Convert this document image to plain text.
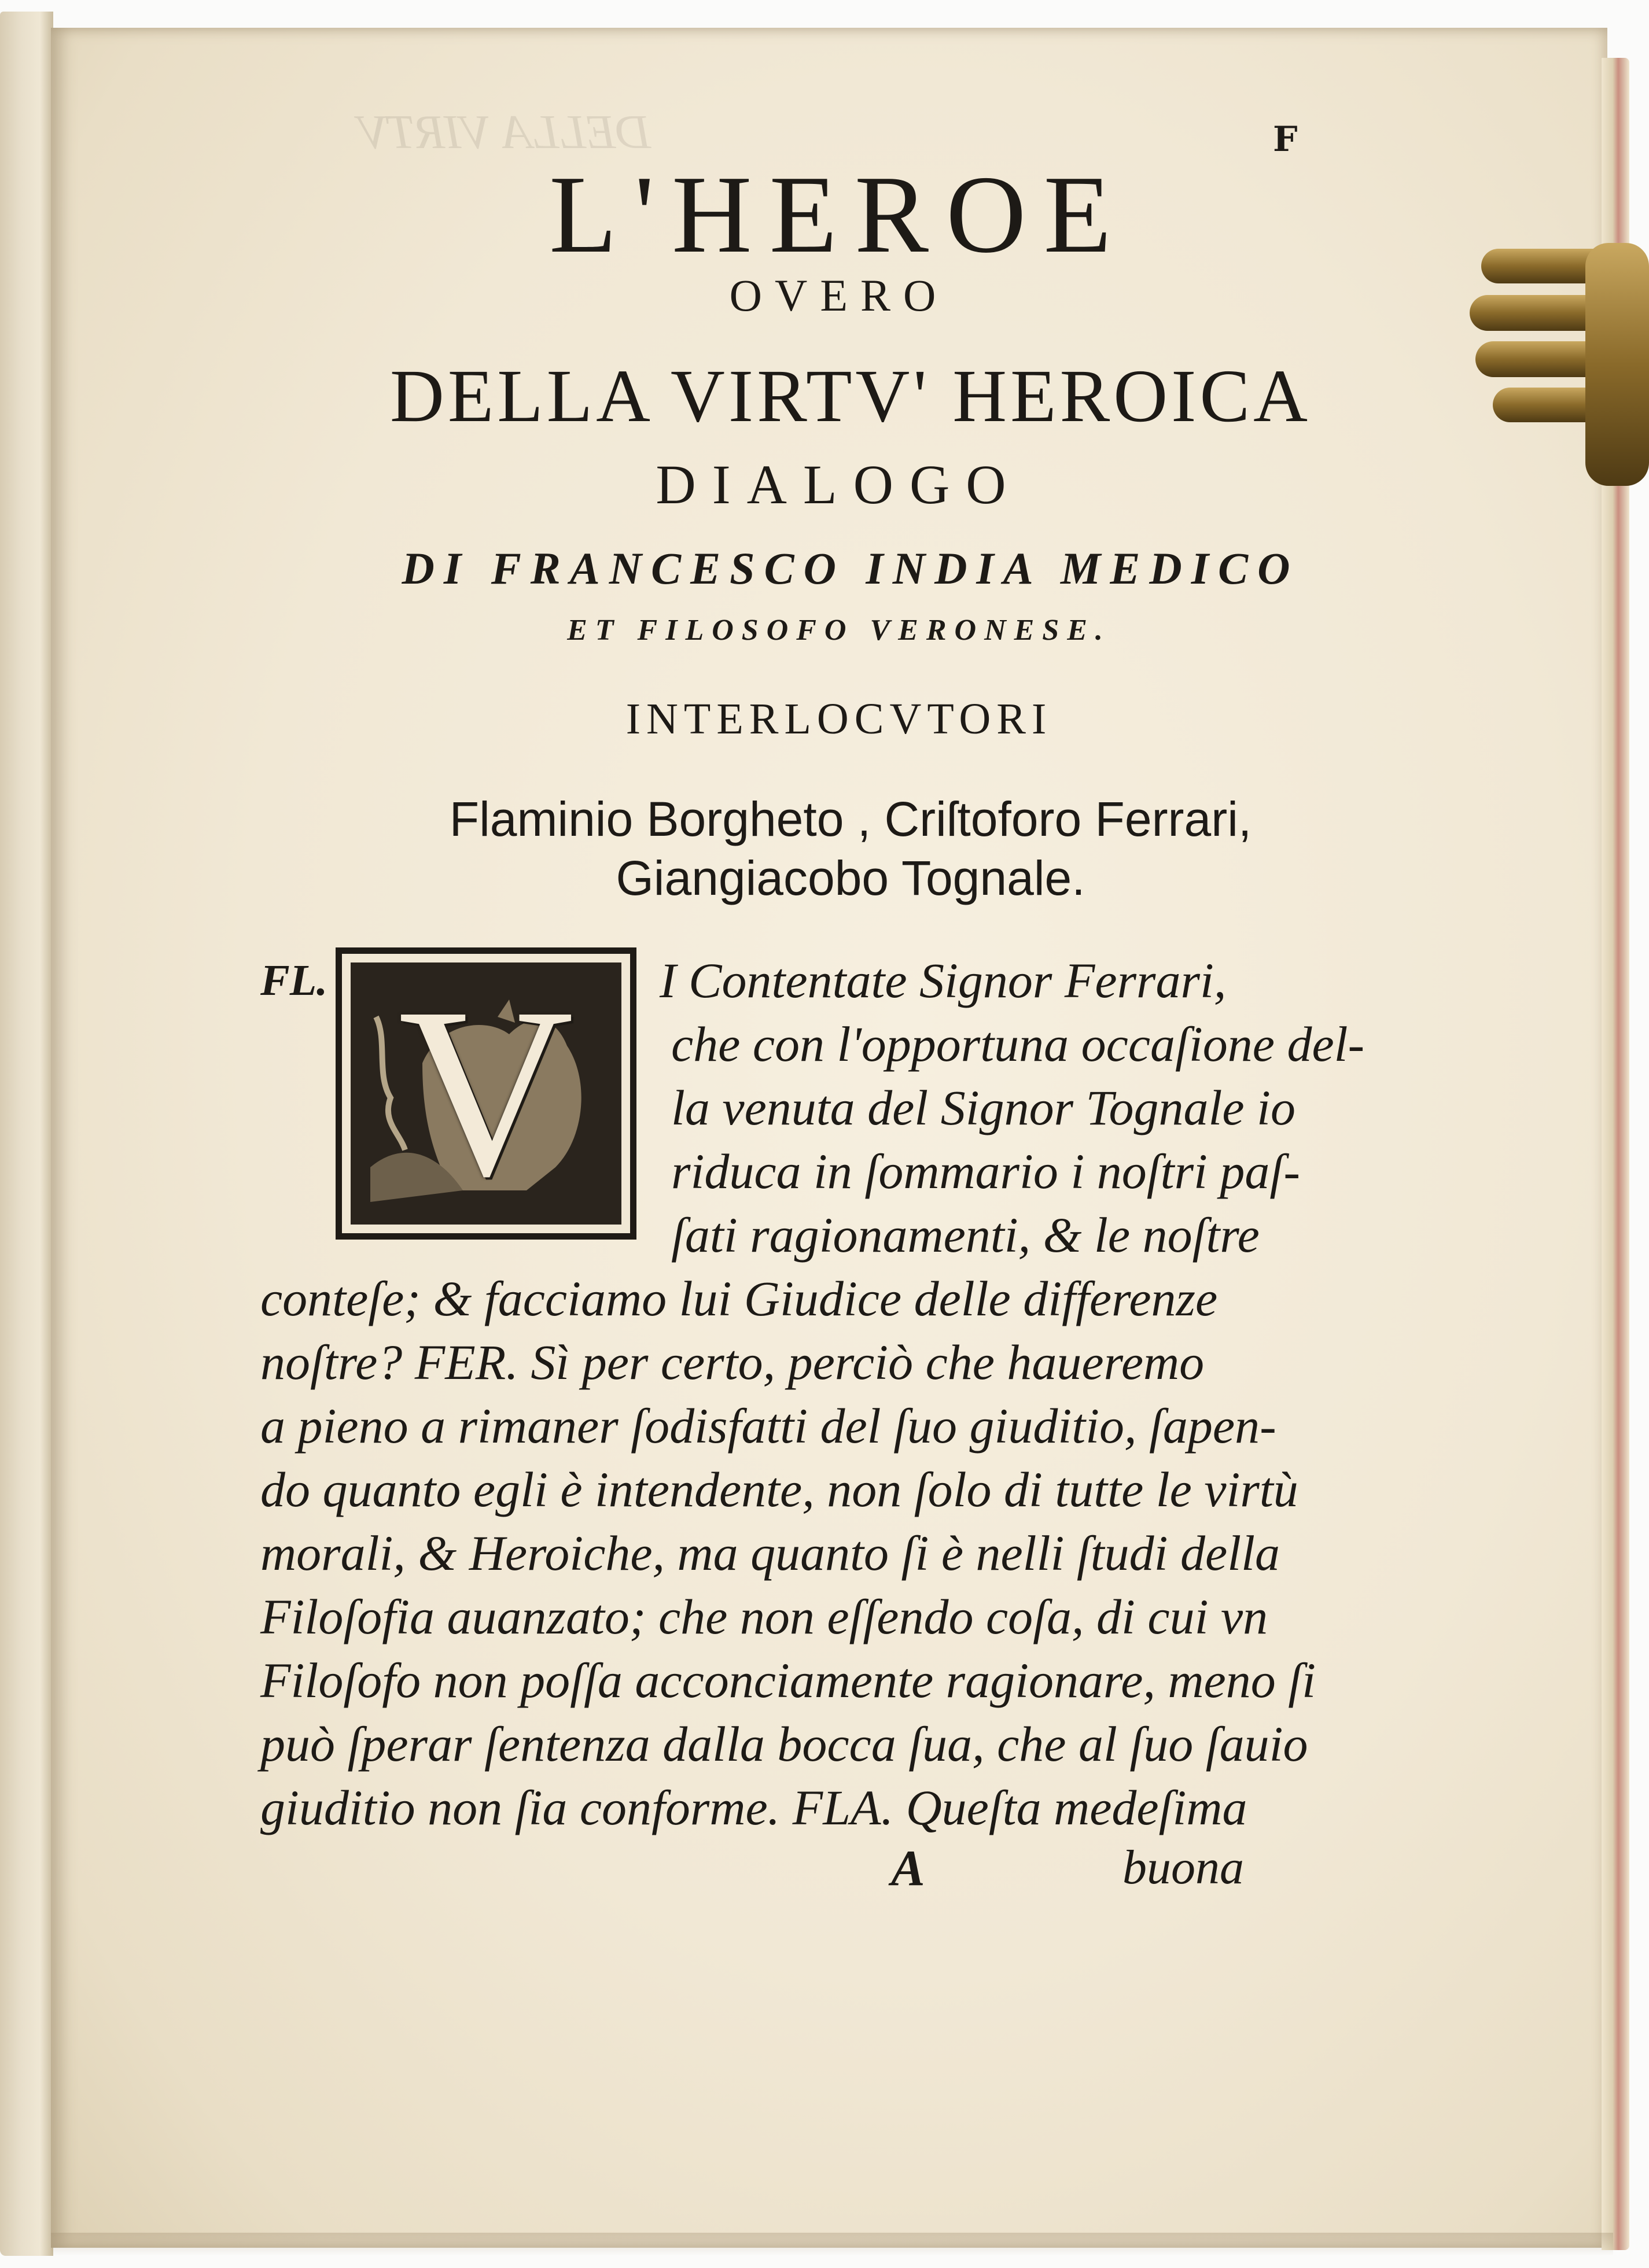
DELLA VIRTV	F
L'HEROE
OVERO
DELLA VIRTV' HEROICA
DIALOGO
DI FRANCESCO INDIA MEDICO
ET FILOSOFO VERONESE.
INTERLOCVTORI
Flaminio Borgheto , Criſtoforo Ferrari,
Giangiacobo Tognale.
FL. V	I Contentate Signor Ferrari,
che con l'opportuna occaſione del-
la venuta del Signor Tognale io
riduca in ſommario i noſtri paſ-
ſati ragionamenti, & le noſtre
conteſe; & facciamo lui Giudice delle differenze
noſtre? FER. Sì per certo, perciò che haueremo
a pieno a rimaner ſodisfatti del ſuo giuditio, ſapen-
do quanto egli è intendente, non ſolo di tutte le virtù
morali, & Heroiche, ma quanto ſi è nelli ſtudi della
Filoſofia auanzato; che non eſſendo coſa, di cui vn
Filoſofo non poſſa acconciamente ragionare, meno ſi
può ſperar ſentenza dalla bocca ſua, che al ſuo ſauio
giuditio non ſia conforme. FLA. Queſta medeſima
A	buona
